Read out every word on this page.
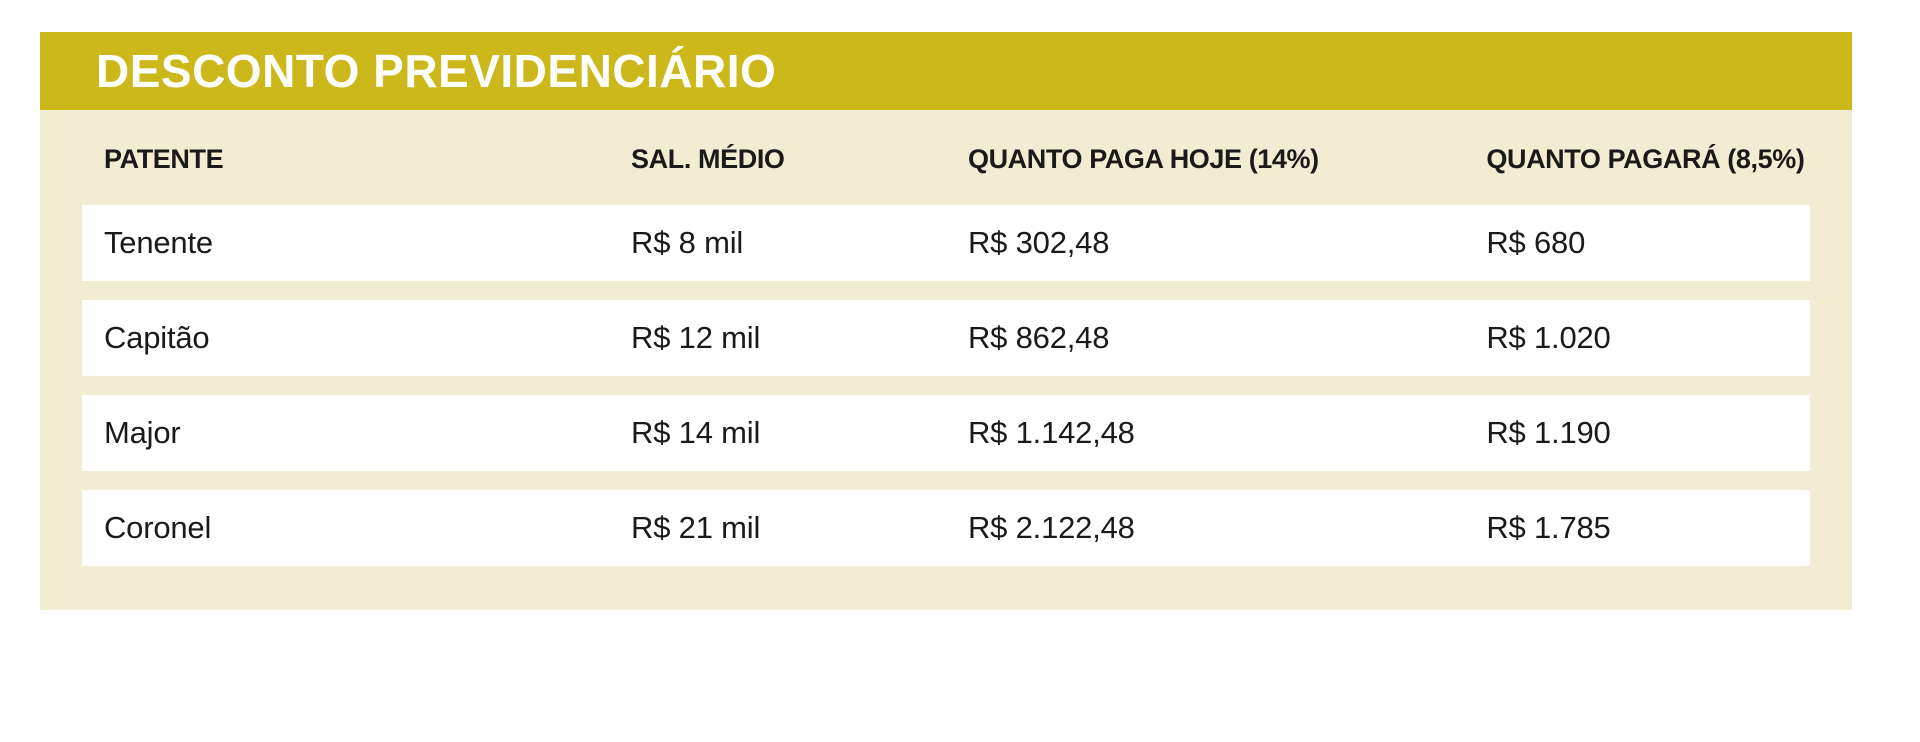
DESCONTO PREVIDENCIÁRIO
PATENTE	SAL. MÉDIO	QUANTO PAGA HOJE (14%)	QUANTO PAGARÁ (8,5%)
Tenente	R$ 8 mil	R$ 302,48	R$ 680

Capitão	R$ 12 mil	R$ 862,48	R$ 1.020

Major	R$ 14 mil	R$ 1.142,48	R$ 1.190

Coronel	R$ 21 mil	R$ 2.122,48	R$ 1.785
